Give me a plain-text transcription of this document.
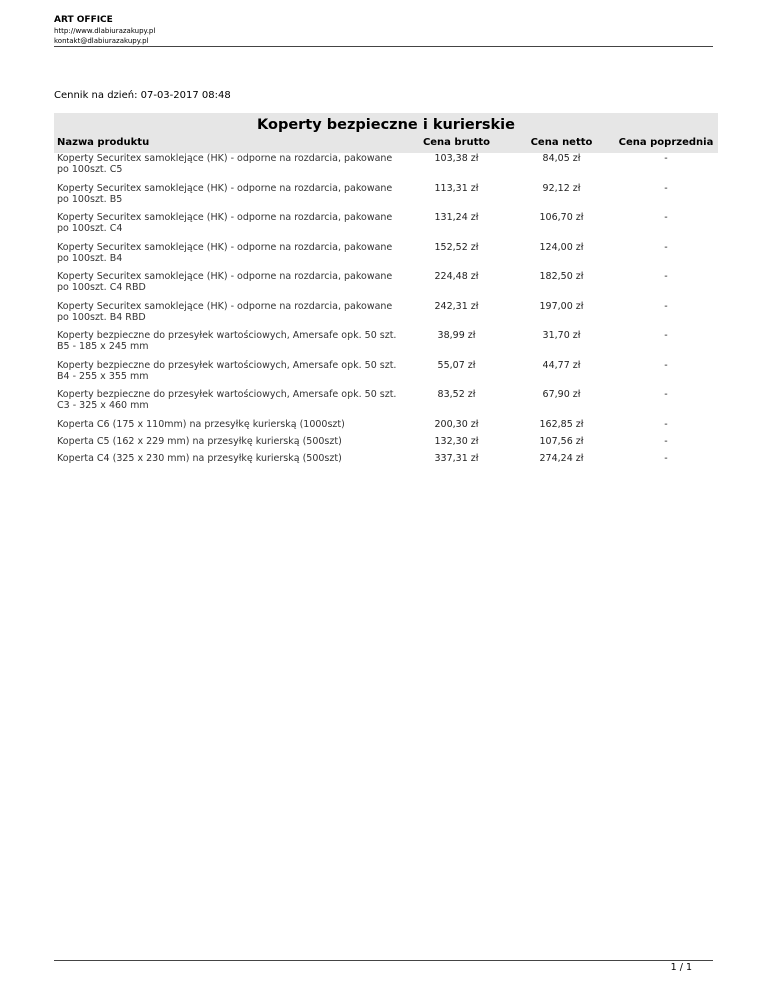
ART OFFICE
http://www.dlabiurazakupy.pl
kontakt@dlabiurazakupy.pl
Cennik na dzień: 07-03-2017 08:48
Koperty bezpieczne i kurierskie
Nazwa produktu	Cena brutto	Cena netto	Cena poprzednia
Koperty Securitex samoklejące (HK) - odporne na rozdarcia, pakowane po 100szt. C5	103,38 zł	84,05 zł	-
Koperty Securitex samoklejące (HK) - odporne na rozdarcia, pakowane po 100szt. B5	113,31 zł	92,12 zł	-
Koperty Securitex samoklejące (HK) - odporne na rozdarcia, pakowane po 100szt. C4	131,24 zł	106,70 zł	-
Koperty Securitex samoklejące (HK) - odporne na rozdarcia, pakowane po 100szt. B4	152,52 zł	124,00 zł	-
Koperty Securitex samoklejące (HK) - odporne na rozdarcia, pakowane po 100szt. C4 RBD	224,48 zł	182,50 zł	-
Koperty Securitex samoklejące (HK) - odporne na rozdarcia, pakowane po 100szt. B4 RBD	242,31 zł	197,00 zł	-
Koperty bezpieczne do przesyłek wartościowych, Amersafe opk. 50 szt. B5 - 185 x 245 mm	38,99 zł	31,70 zł	-
Koperty bezpieczne do przesyłek wartościowych, Amersafe opk. 50 szt. B4 - 255 x 355 mm	55,07 zł	44,77 zł	-
Koperty bezpieczne do przesyłek wartościowych, Amersafe opk. 50 szt. C3 - 325 x 460 mm	83,52 zł	67,90 zł	-
Koperta C6 (175 x 110mm) na przesyłkę kurierską (1000szt)	200,30 zł	162,85 zł	-
Koperta C5 (162 x 229 mm) na przesyłkę kurierską (500szt)	132,30 zł	107,56 zł	-
Koperta C4 (325 x 230 mm) na przesyłkę kurierską (500szt)	337,31 zł	274,24 zł	-
1 / 1
